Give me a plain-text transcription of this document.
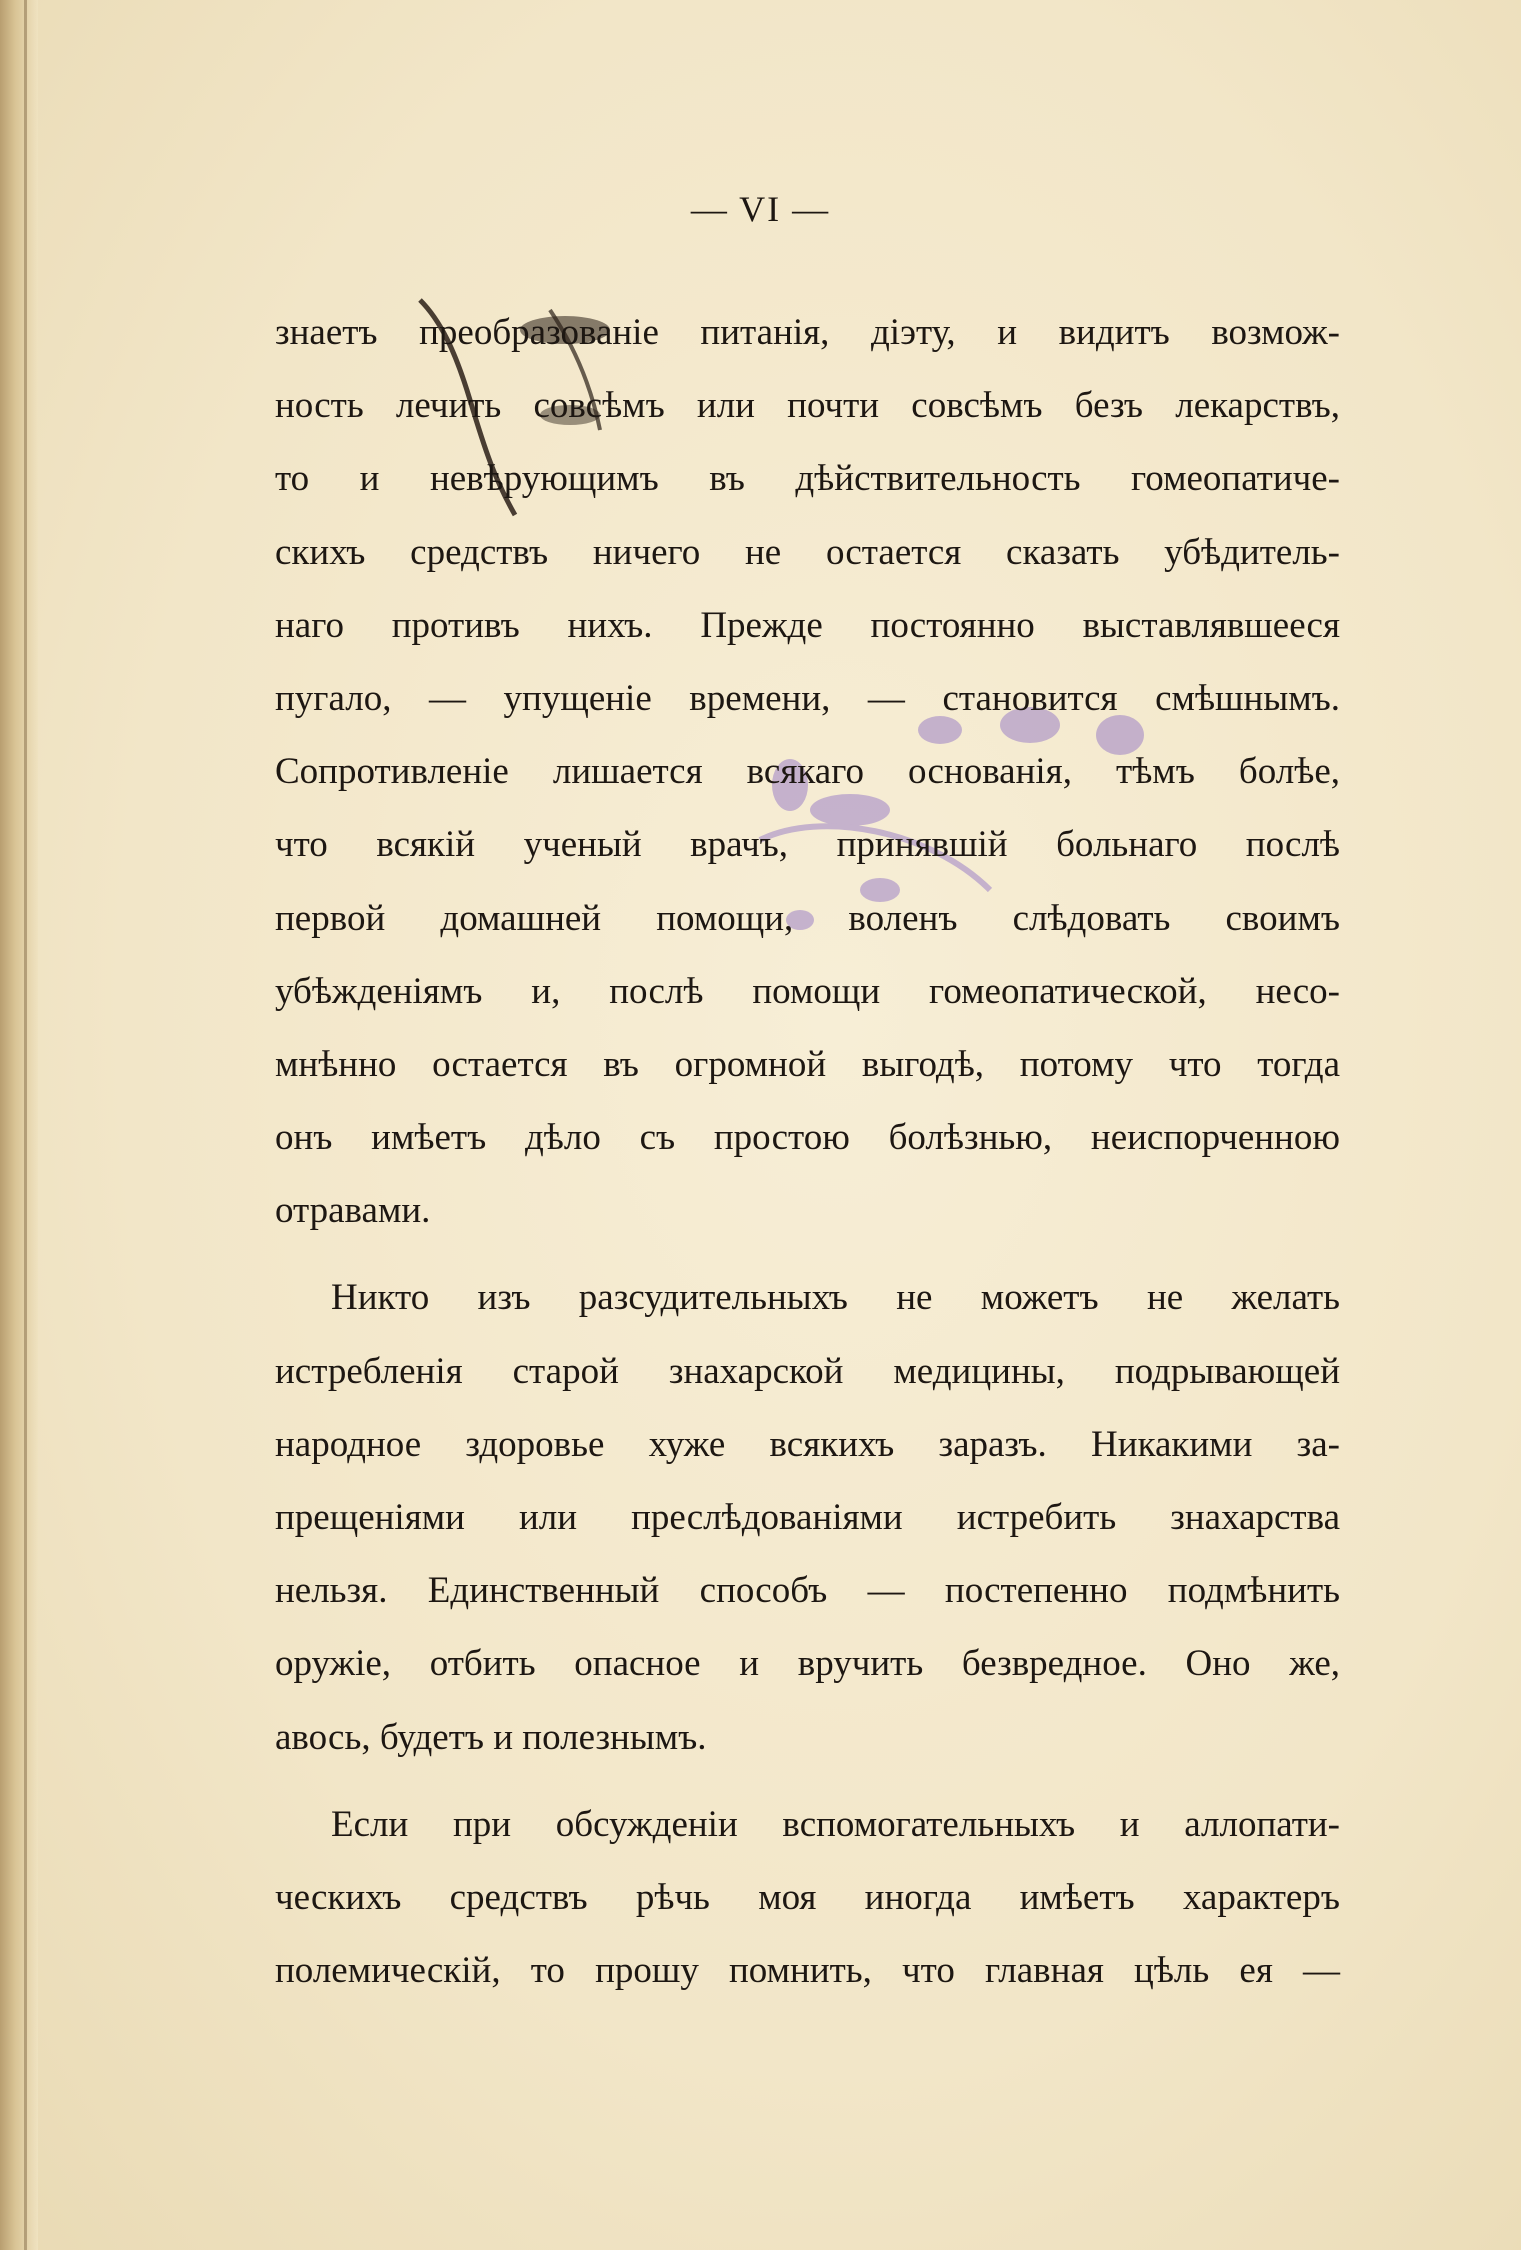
— VI —
знаетъ преобразованіе питанія, діэту, и видитъ возмож-
ность лечить совсѣмъ или почти совсѣмъ безъ лекарствъ,
то и невѣрующимъ въ дѣйствительность гомеопатиче-
скихъ средствъ ничего не остается сказать убѣдитель-
наго противъ нихъ. Прежде постоянно выставлявшееся
пугало, — упущеніе времени, — становится смѣшнымъ.
Сопротивленіе лишается всякаго основанія, тѣмъ болѣе,
что всякій ученый врачъ, принявшій больнаго послѣ
первой домашней помощи, воленъ слѣдовать своимъ
убѣжденіямъ и, послѣ помощи гомеопатической, несо-
мнѣнно остается въ огромной выгодѣ, потому что тогда
онъ имѣетъ дѣло съ простою болѣзнью, неиспорченною
отравами.
Никто изъ разсудительныхъ не можетъ не желать
истребленія старой знахарской медицины, подрывающей
народное здоровье хуже всякихъ заразъ. Никакими за-
прещеніями или преслѣдованіями истребить знахарства
нельзя. Единственный способъ — постепенно подмѣнить
оружіе, отбить опасное и вручить безвредное. Оно же,
авось, будетъ и полезнымъ.
Если при обсужденіи вспомогательныхъ и аллопати-
ческихъ средствъ рѣчь моя иногда имѣетъ характеръ
полемическій, то прошу помнить, что главная цѣль ея —
